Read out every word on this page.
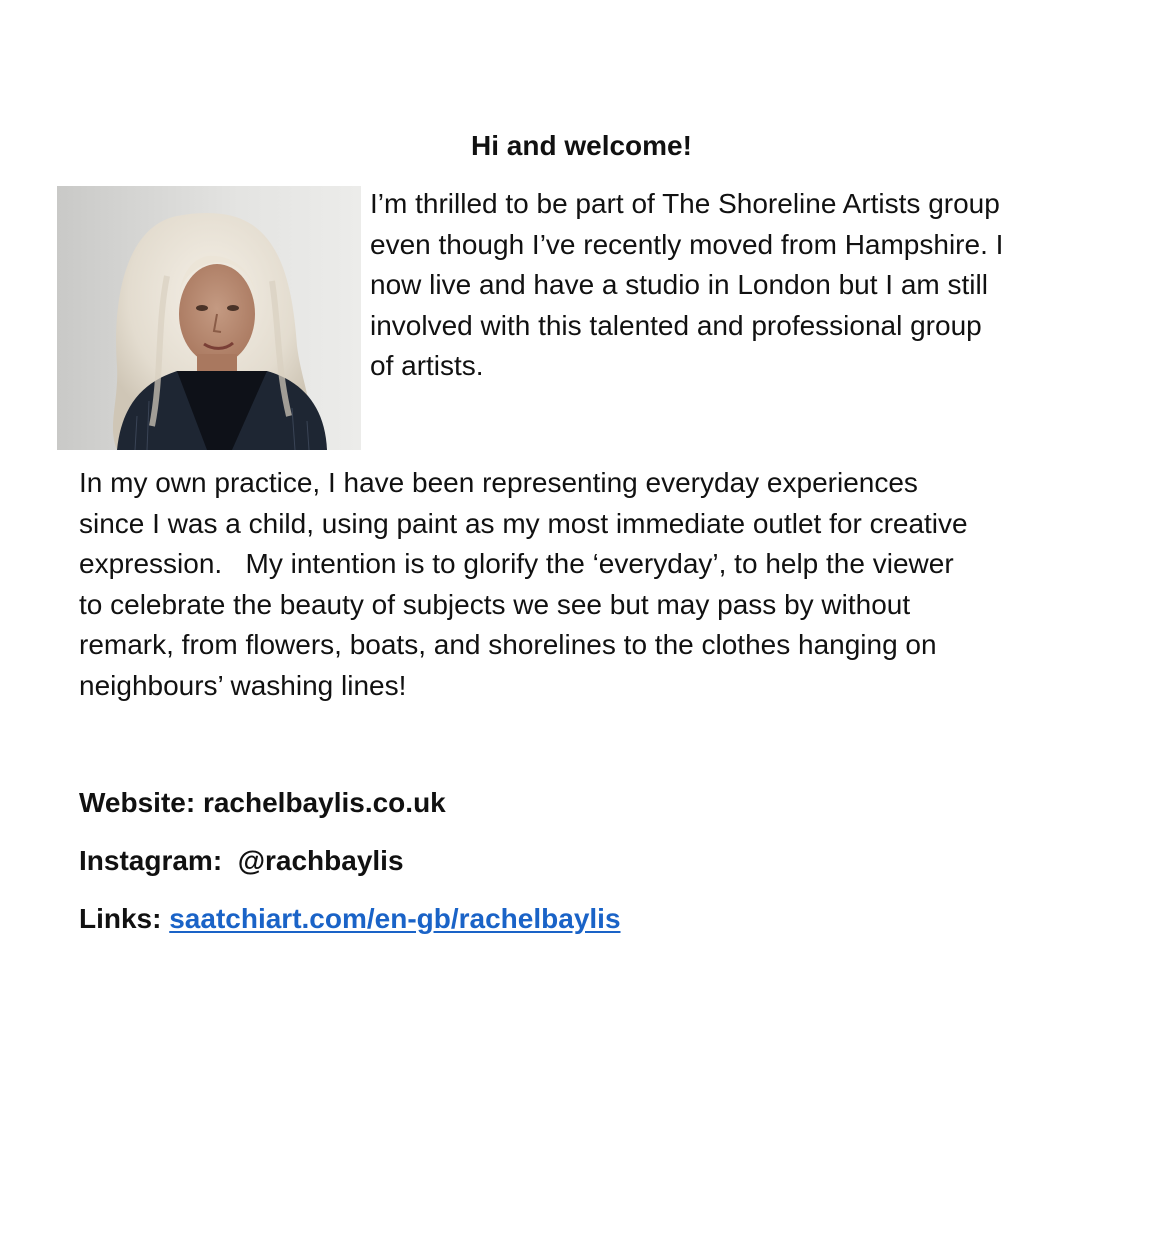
Hi and welcome!

I’m thrilled to be part of The Shoreline Artists group
even though I’ve recently moved from Hampshire. I
now live and have a studio in London but I am still
involved with this talented and professional group
of artists.

In my own practice, I have been representing everyday experiences
since I was a child, using paint as my most immediate outlet for creative
expression.   My intention is to glorify the ‘everyday’, to help the viewer
to celebrate the beauty of subjects we see but may pass by without
remark, from flowers, boats, and shorelines to the clothes hanging on
neighbours’ washing lines!

Website: rachelbaylis.co.uk

Instagram:  @rachbaylis

Links: saatchiart.com/en-gb/rachelbaylis
